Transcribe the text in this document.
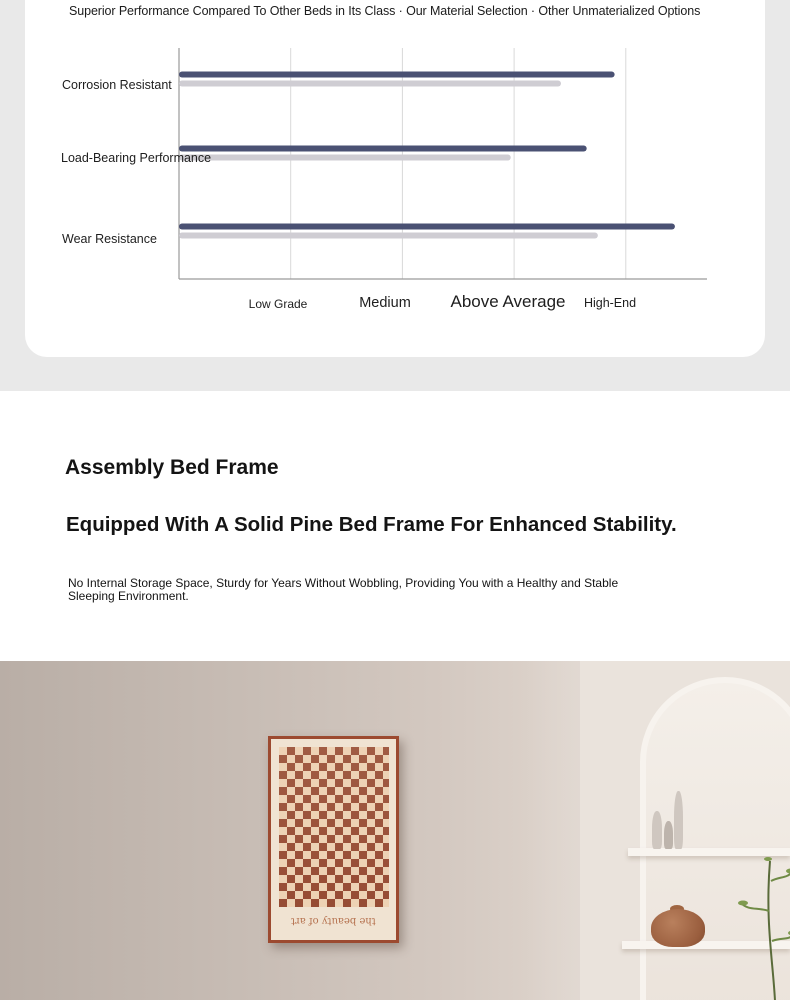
Superior Performance Compared To Other Beds in Its Class · Our Material Selection · Other Unmaterialized Options
Corrosion Resistant
Load-Bearing Performance
Wear Resistance
Low Grade	Medium Above Average High-End
Assembly Bed Frame
Equipped With A Solid Pine Bed Frame For Enhanced Stability.

No Internal Storage Space, Sturdy for Years Without Wobbling, Providing You with a Healthy and Stable Sleeping Environment.

the beauty of art
